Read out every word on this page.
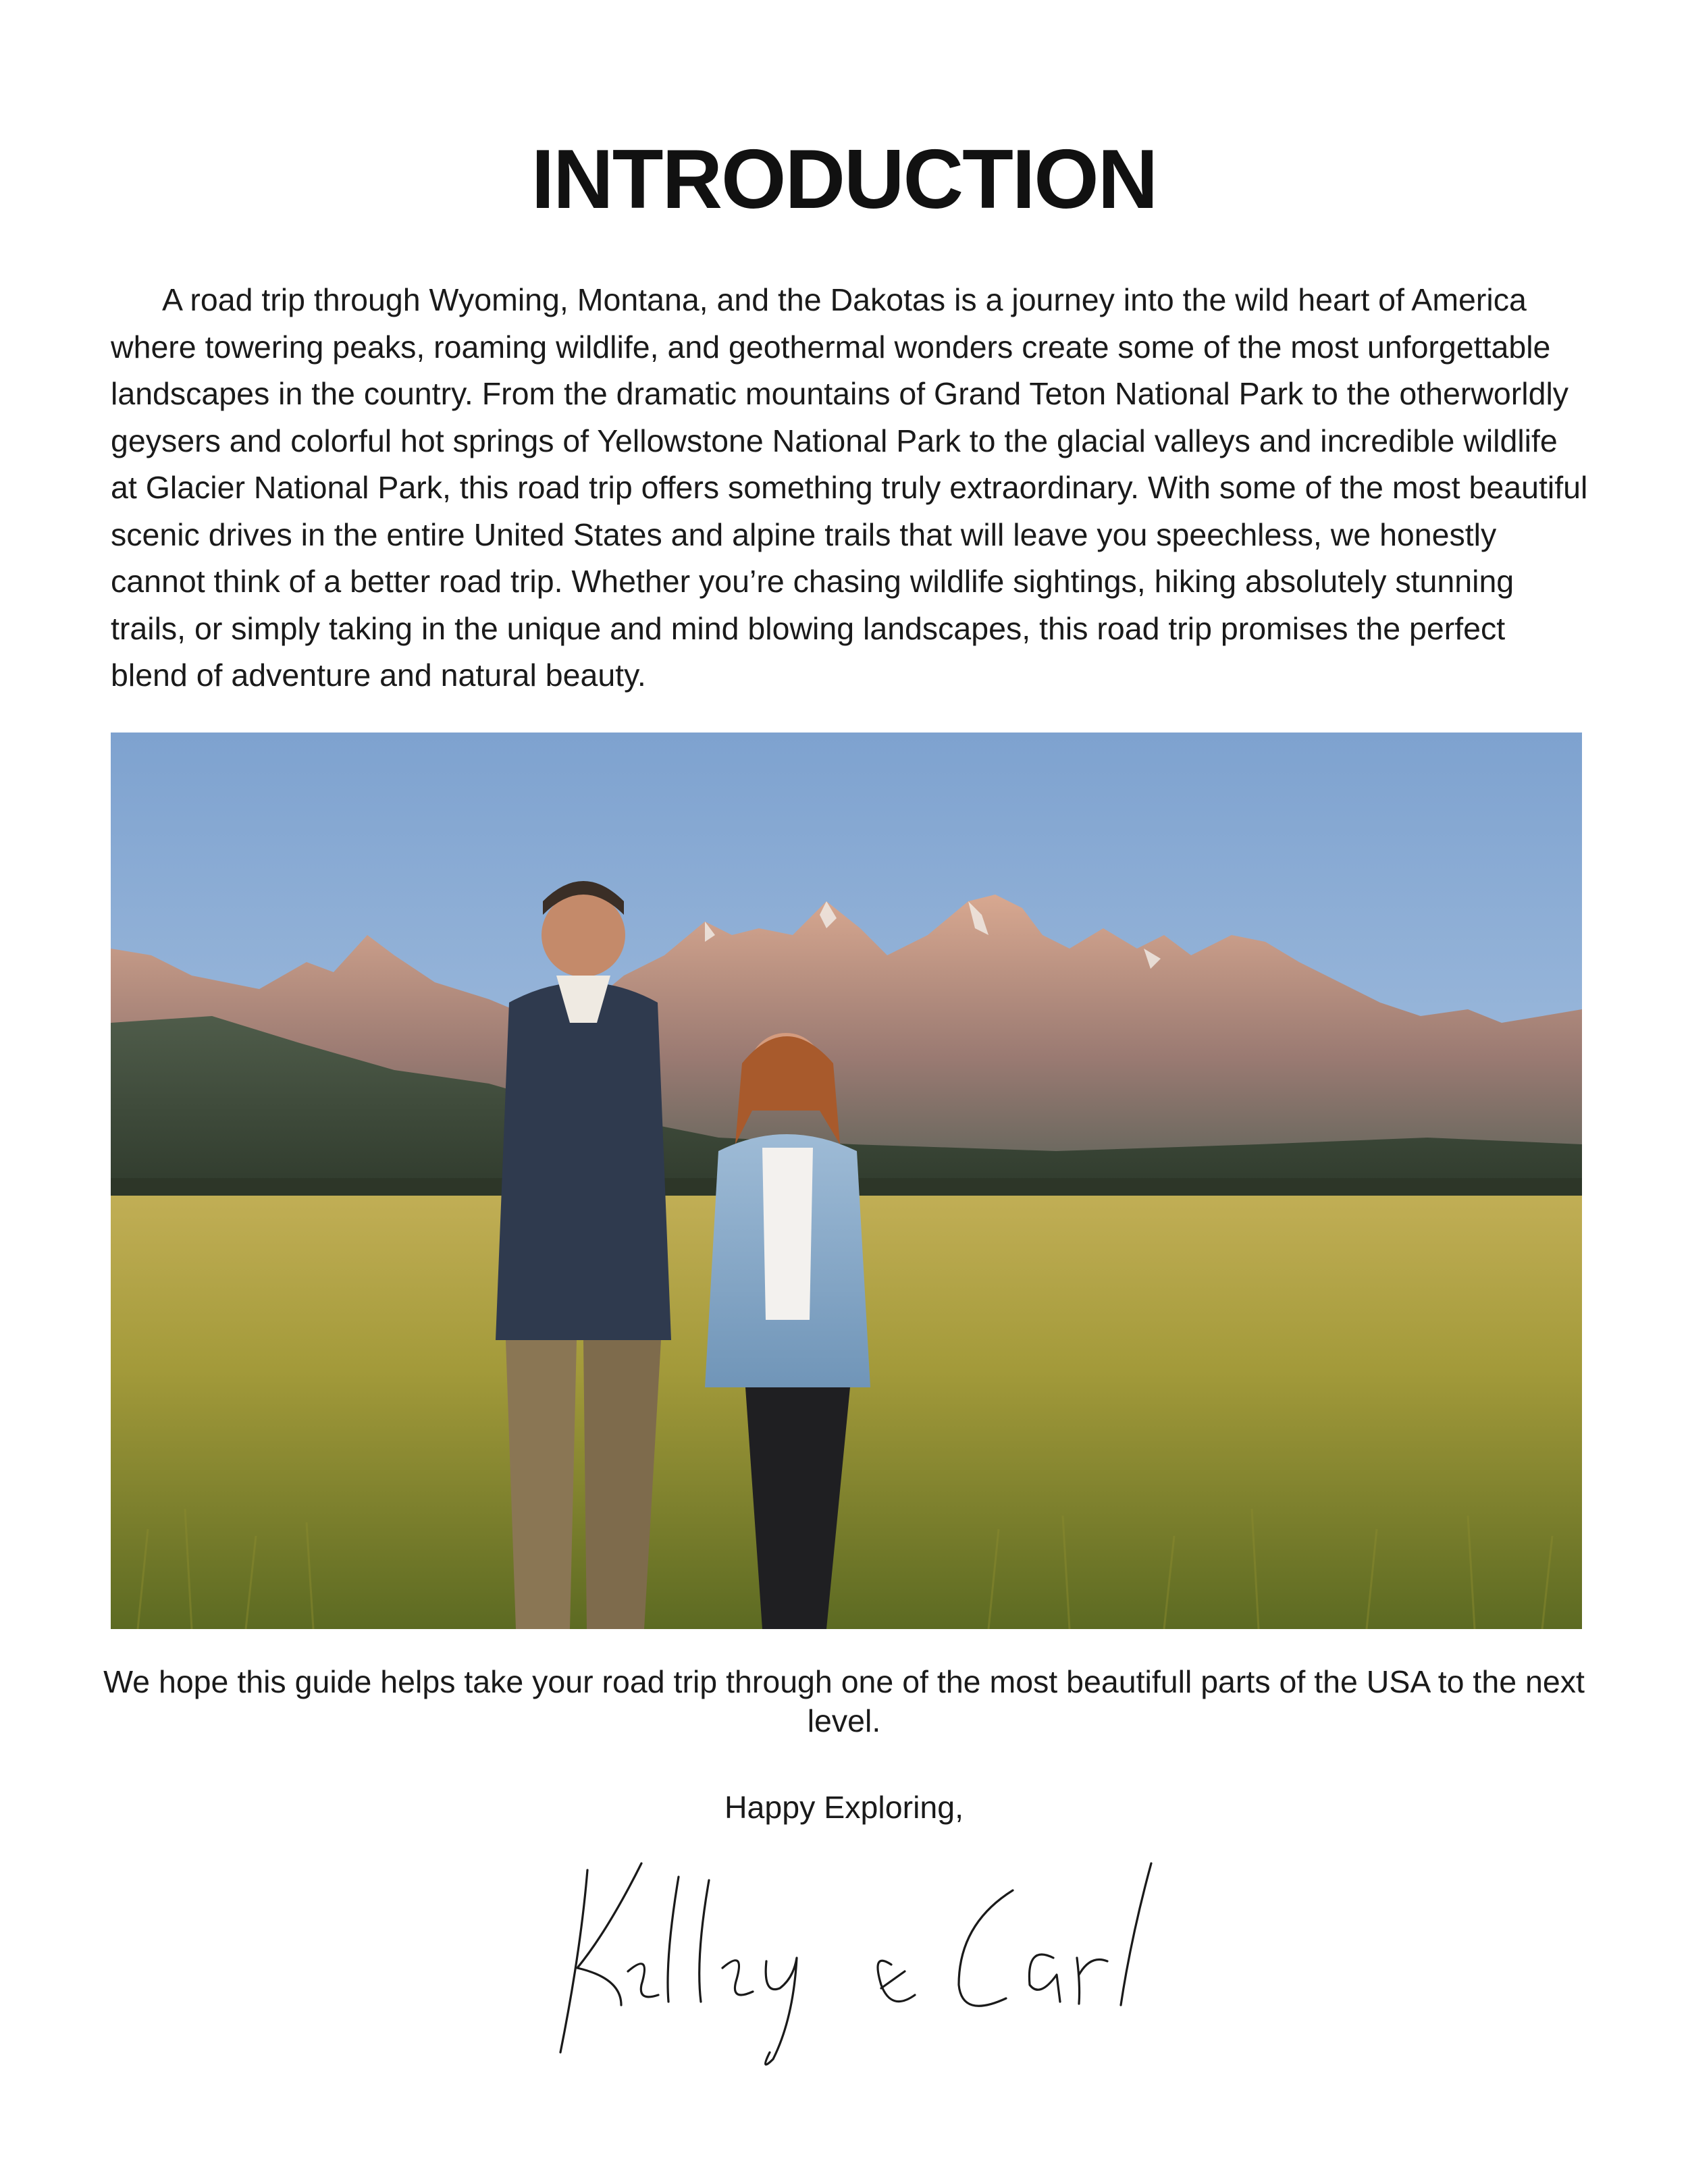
INTRODUCTION

A road trip through Wyoming, Montana, and the Dakotas is a journey into the wild heart of America where towering peaks, roaming wildlife, and geothermal wonders create some of the most unforgettable landscapes in the country. From the dramatic mountains of Grand Teton National Park to the otherworldly geysers and colorful hot springs of Yellowstone National Park to the glacial valleys and incredible wildlife at Glacier National Park, this road trip offers something truly extraordinary. With some of the most beautiful scenic drives in the entire United States and alpine trails that will leave you speechless, we honestly cannot think of a better road trip. Whether you’re chasing wildlife sightings, hiking absolutely stunning trails, or simply taking in the unique and mind blowing landscapes, this road trip promises the perfect blend of adventure and natural beauty.

We hope this guide helps take your road trip through one of the most beautifull parts of the USA to the next level.

Happy Exploring,
